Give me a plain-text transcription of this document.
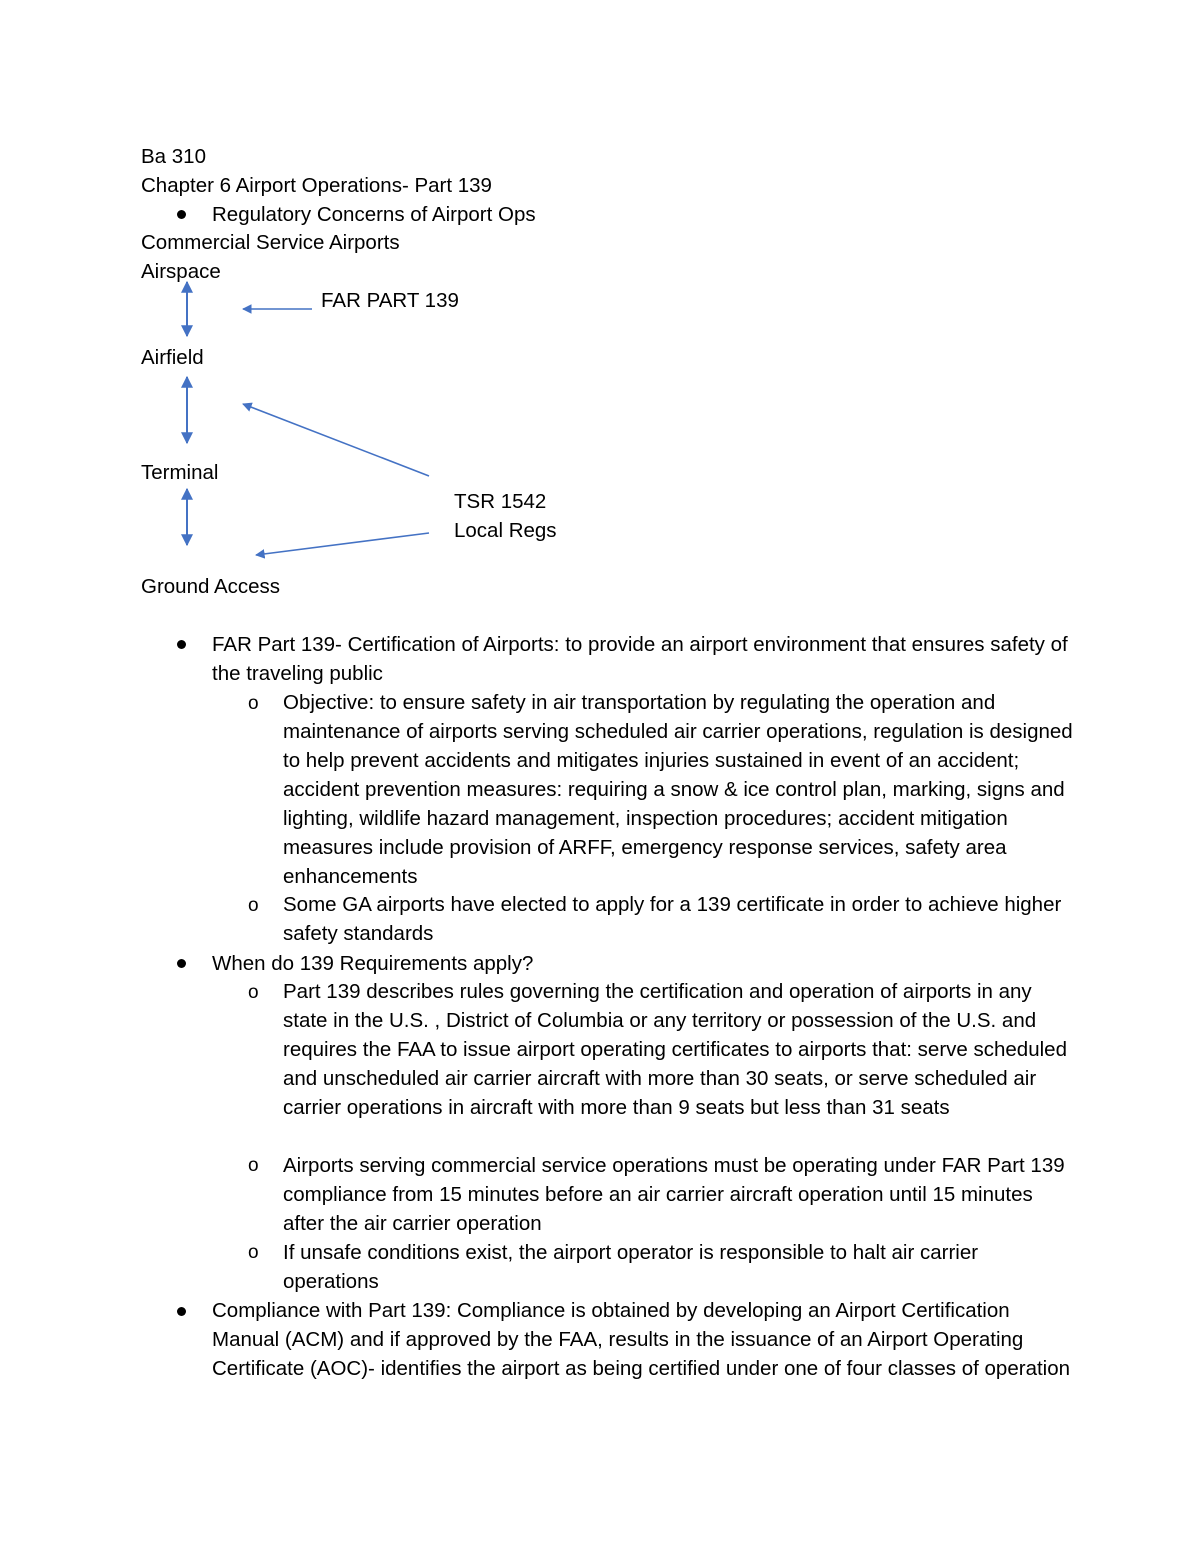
Ba 310
Chapter 6 Airport Operations- Part 139
Regulatory Concerns of Airport Ops
Commercial Service Airports
Airspace
Airfield
Terminal
Ground Access
FAR PART 139
TSR 1542
Local Regs
FAR Part 139- Certification of Airports: to provide an airport environment that ensures safety of the traveling public
o Objective: to ensure safety in air transportation by regulating the operation and maintenance of airports serving scheduled air carrier operations, regulation is designed to help prevent accidents and mitigates injuries sustained in event of an accident; accident prevention measures: requiring a snow & ice control plan, marking, signs and lighting, wildlife hazard management, inspection procedures; accident mitigation measures include provision of ARFF, emergency response services, safety area enhancements
o Some GA airports have elected to apply for a 139 certificate in order to achieve higher safety standards
When do 139 Requirements apply?
o Part 139 describes rules governing the certification and operation of airports in any state in the U.S. , District of Columbia or any territory or possession of the U.S. and requires the FAA to issue airport operating certificates to airports that: serve scheduled and unscheduled air carrier aircraft with more than 30 seats, or serve scheduled air carrier operations in aircraft with more than 9 seats but less than 31 seats
o Airports serving commercial service operations must be operating under FAR Part 139 compliance from 15 minutes before an air carrier aircraft operation until 15 minutes after the air carrier operation
o If unsafe conditions exist, the airport operator is responsible to halt air carrier operations
Compliance with Part 139: Compliance is obtained by developing an Airport Certification Manual (ACM) and if approved by the FAA, results in the issuance of an Airport Operating Certificate (AOC)- identifies the airport as being certified under one of four classes of operation
